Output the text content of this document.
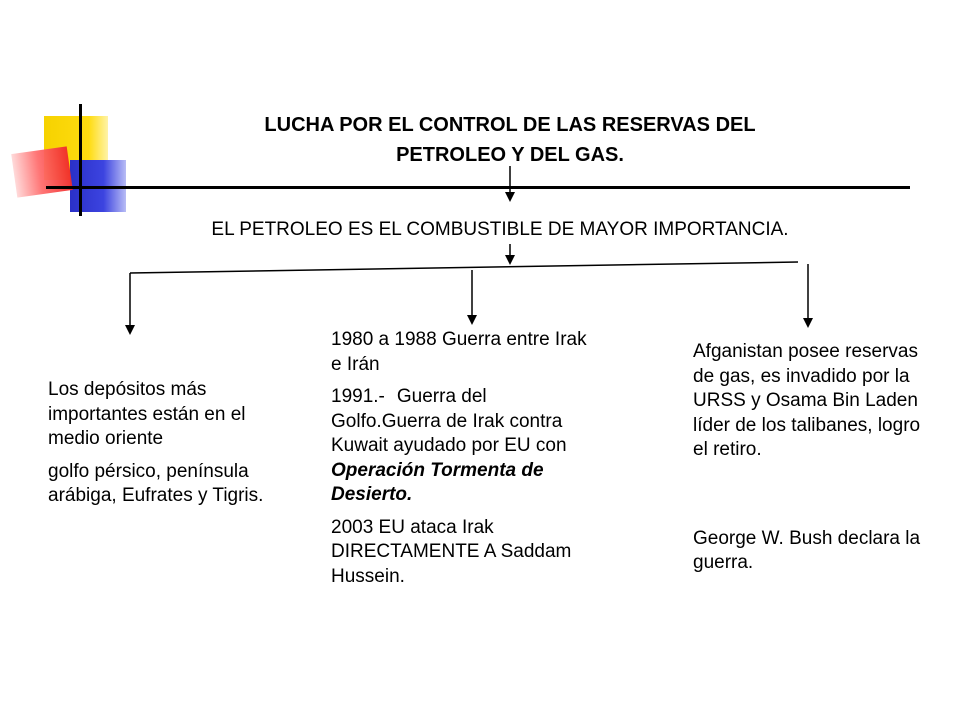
LUCHA POR EL CONTROL DE LAS RESERVAS DEL
PETROLEO Y DEL GAS.
EL PETROLEO ES EL COMBUSTIBLE DE MAYOR IMPORTANCIA.

Los depósitos más importantes están en el medio oriente

golfo pérsico, península arábiga, Eufrates y Tigris.

1980 a 1988 Guerra entre Irak e Irán

1991.- Guerra del Golfo.Guerra de Irak contra Kuwait ayudado por EU con Operación Tormenta de Desierto.

2003 EU ataca Irak DIRECTAMENTE A Saddam Hussein.

Afganistan posee reservas de gas, es invadido por la URSS y Osama Bin Laden líder de los talibanes, logro el retiro.

George W. Bush declara la guerra.
